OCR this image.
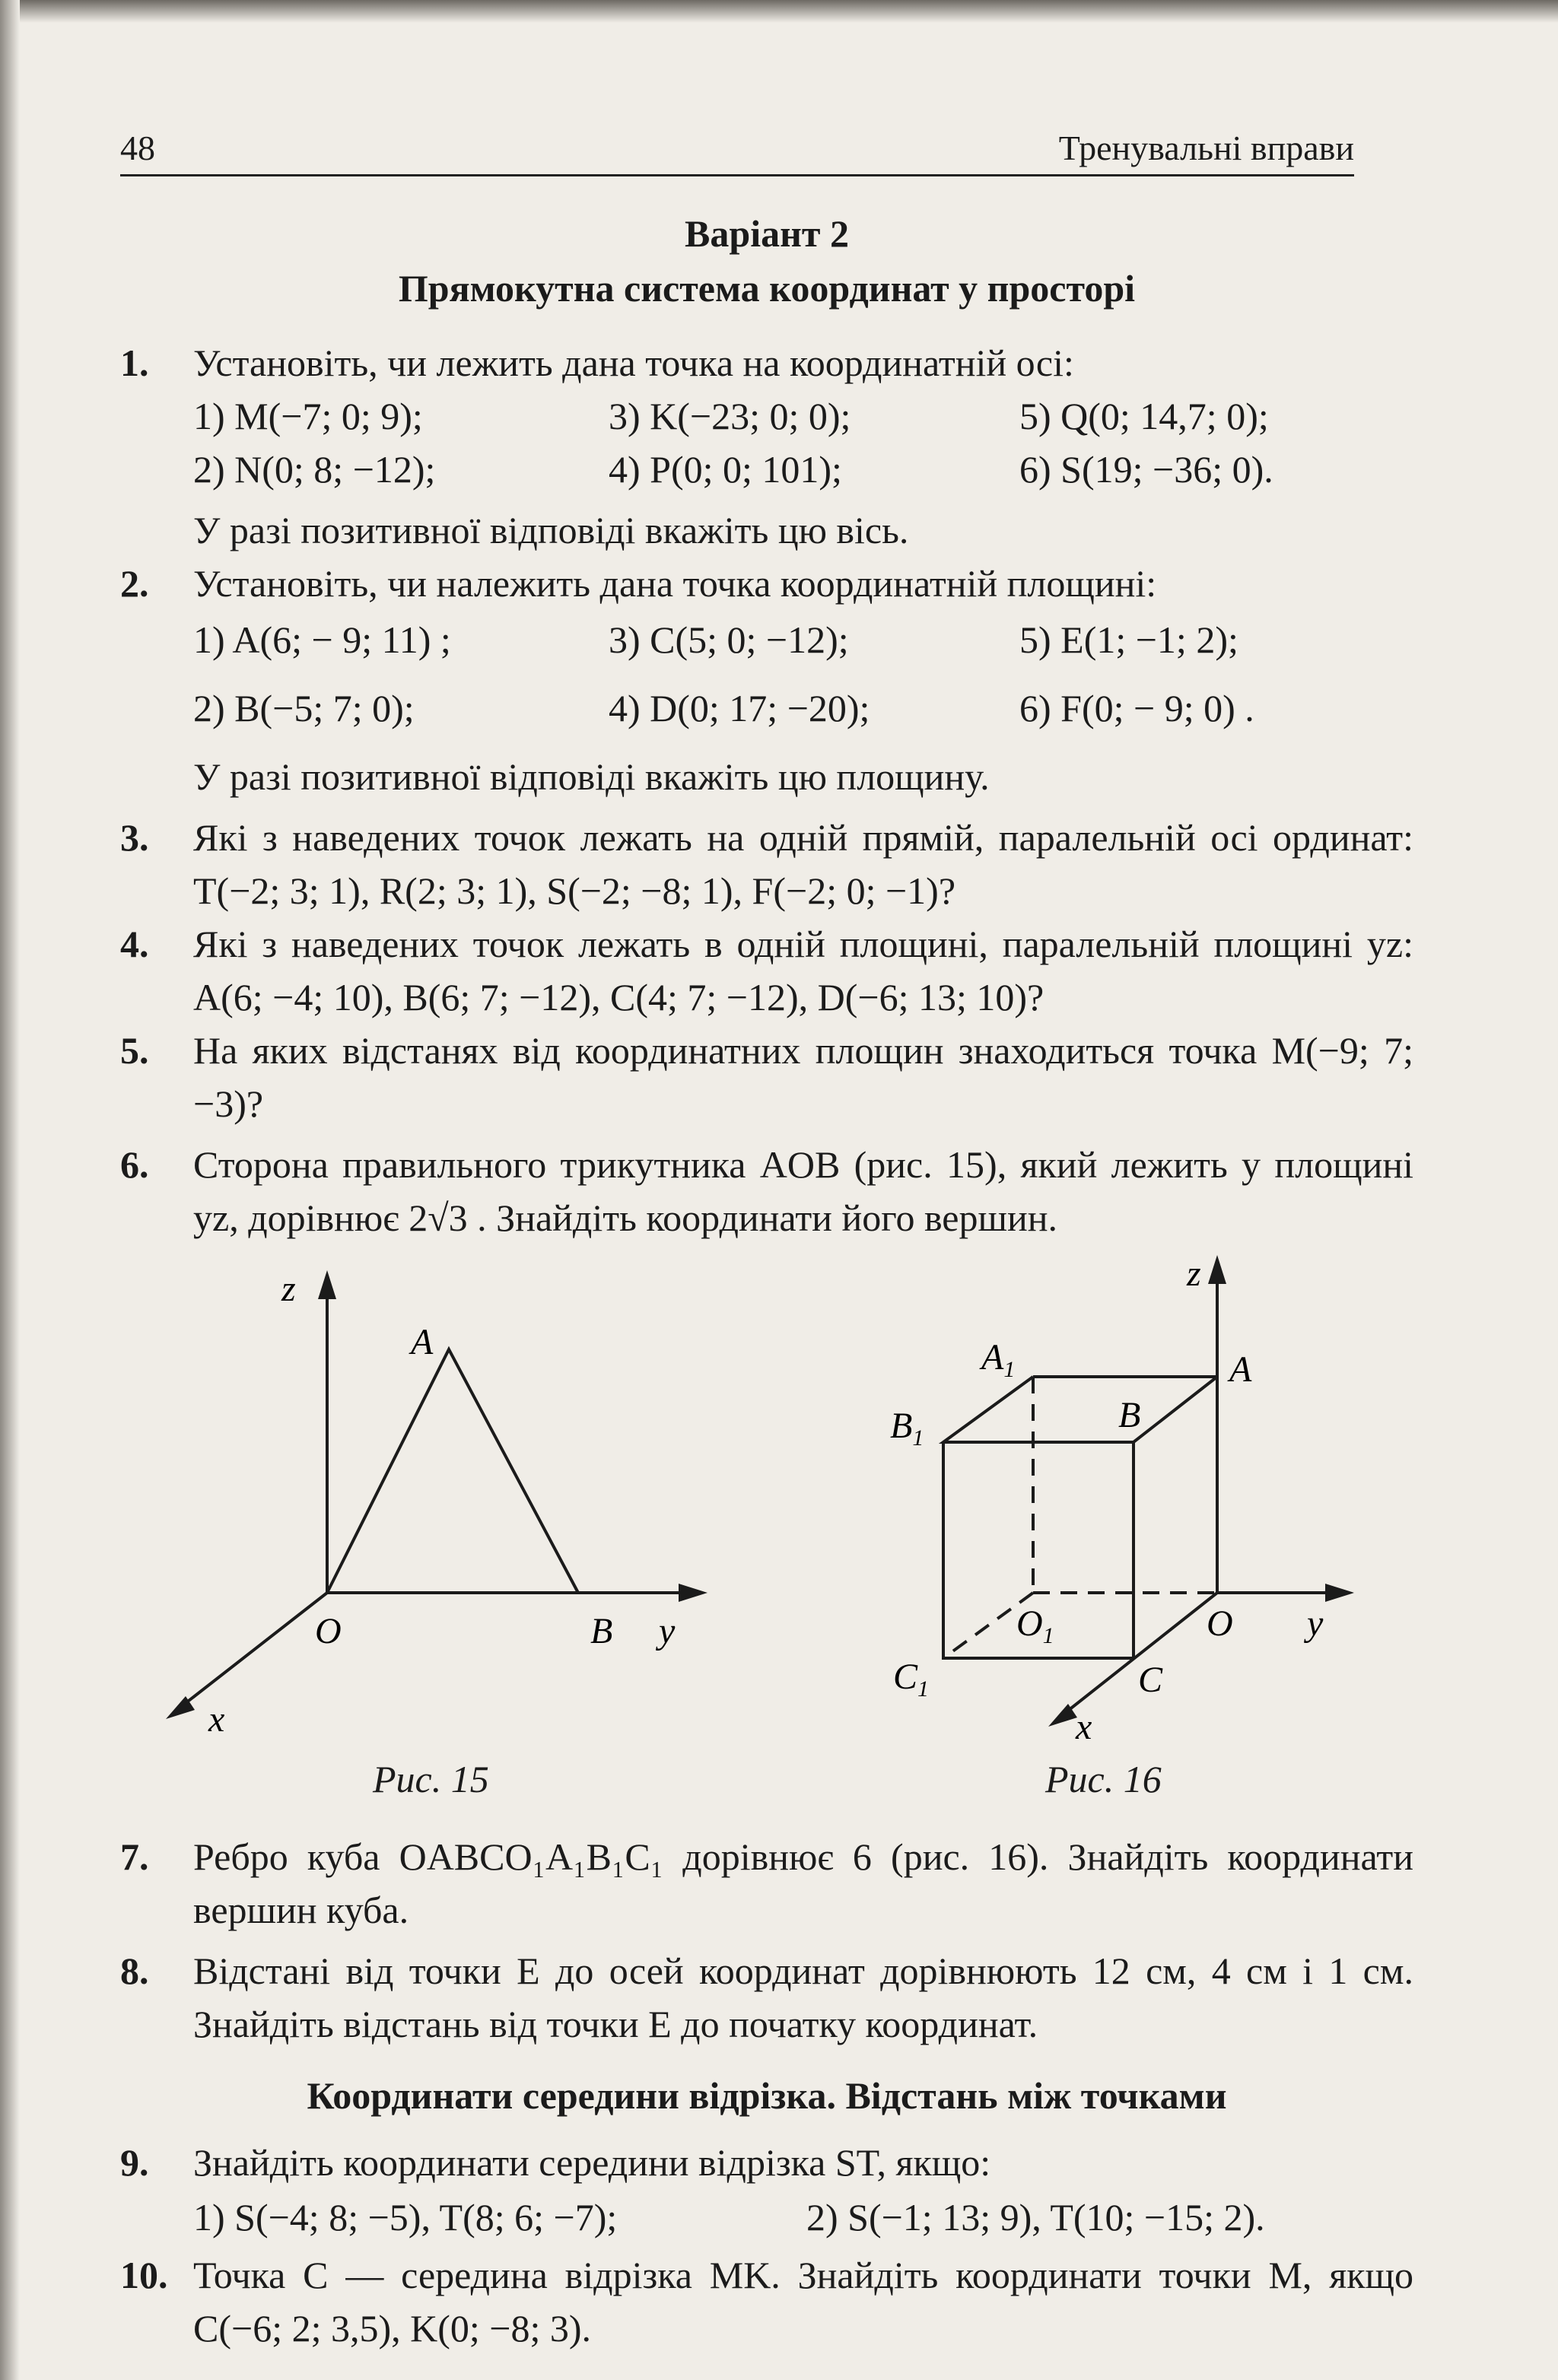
48	Тренувальні вправи
Варіант 2
Прямокутна система координат у просторі
1. Установіть, чи лежить дана точка на координатній осі:
1) M(−7; 0; 9);	3) K(−23; 0; 0);	5) Q(0; 14,7; 0);
2) N(0; 8; −12);	4) P(0; 0; 101);	6) S(19; −36; 0).
У разі позитивної відповіді вкажіть цю вісь.
2. Установіть, чи належить дана точка координатній площині:
1) A(6; − 9; 11) ;	3) C(5; 0; −12);	5) E(1; −1; 2);
2) B(−5; 7; 0);	4) D(0; 17; −20);	6) F(0; − 9; 0) .
У разі позитивної відповіді вкажіть цю площину.
3. Які з наведених точок лежать на одній прямій, паралельній осі ординат: T(−2; 3; 1), R(2; 3; 1), S(−2; −8; 1), F(−2; 0; −1)?
4. Які з наведених точок лежать в одній площині, паралельній площині yz: A(6; −4; 10), B(6; 7; −12), C(4; 7; −12), D(−6; 13; 10)?
5. На яких відстанях від координатних площин знаходиться точка M(−9; 7; −3)?
6. Сторона правильного трикутника AOB (рис. 15), який лежить у площині yz, дорівнює 2√3 . Знайдіть координати його вершин.
z
A
O	B y
x
Рис. 15
z
$A_1$	A
$B_1$
B
$O_1$	O y
$C_1$	C
x
Рис. 16
7. Ребро куба OABCO₁A₁B₁C₁ дорівнює 6 (рис. 16). Знайдіть координати вершин куба.
8. Відстані від точки E до осей координат дорівнюють 12 см, 4 см і 1 см. Знайдіть відстань від точки E до початку координат.
Координати середини відрізка. Відстань між точками
9. Знайдіть координати середини відрізка ST, якщо:
1) S(−4; 8; −5), T(8; 6; −7);	2) S(−1; 13; 9), T(10; −15; 2).
10. Точка C — середина відрізка MK. Знайдіть координати точки M, якщо C(−6; 2; 3,5), K(0; −8; 3).
